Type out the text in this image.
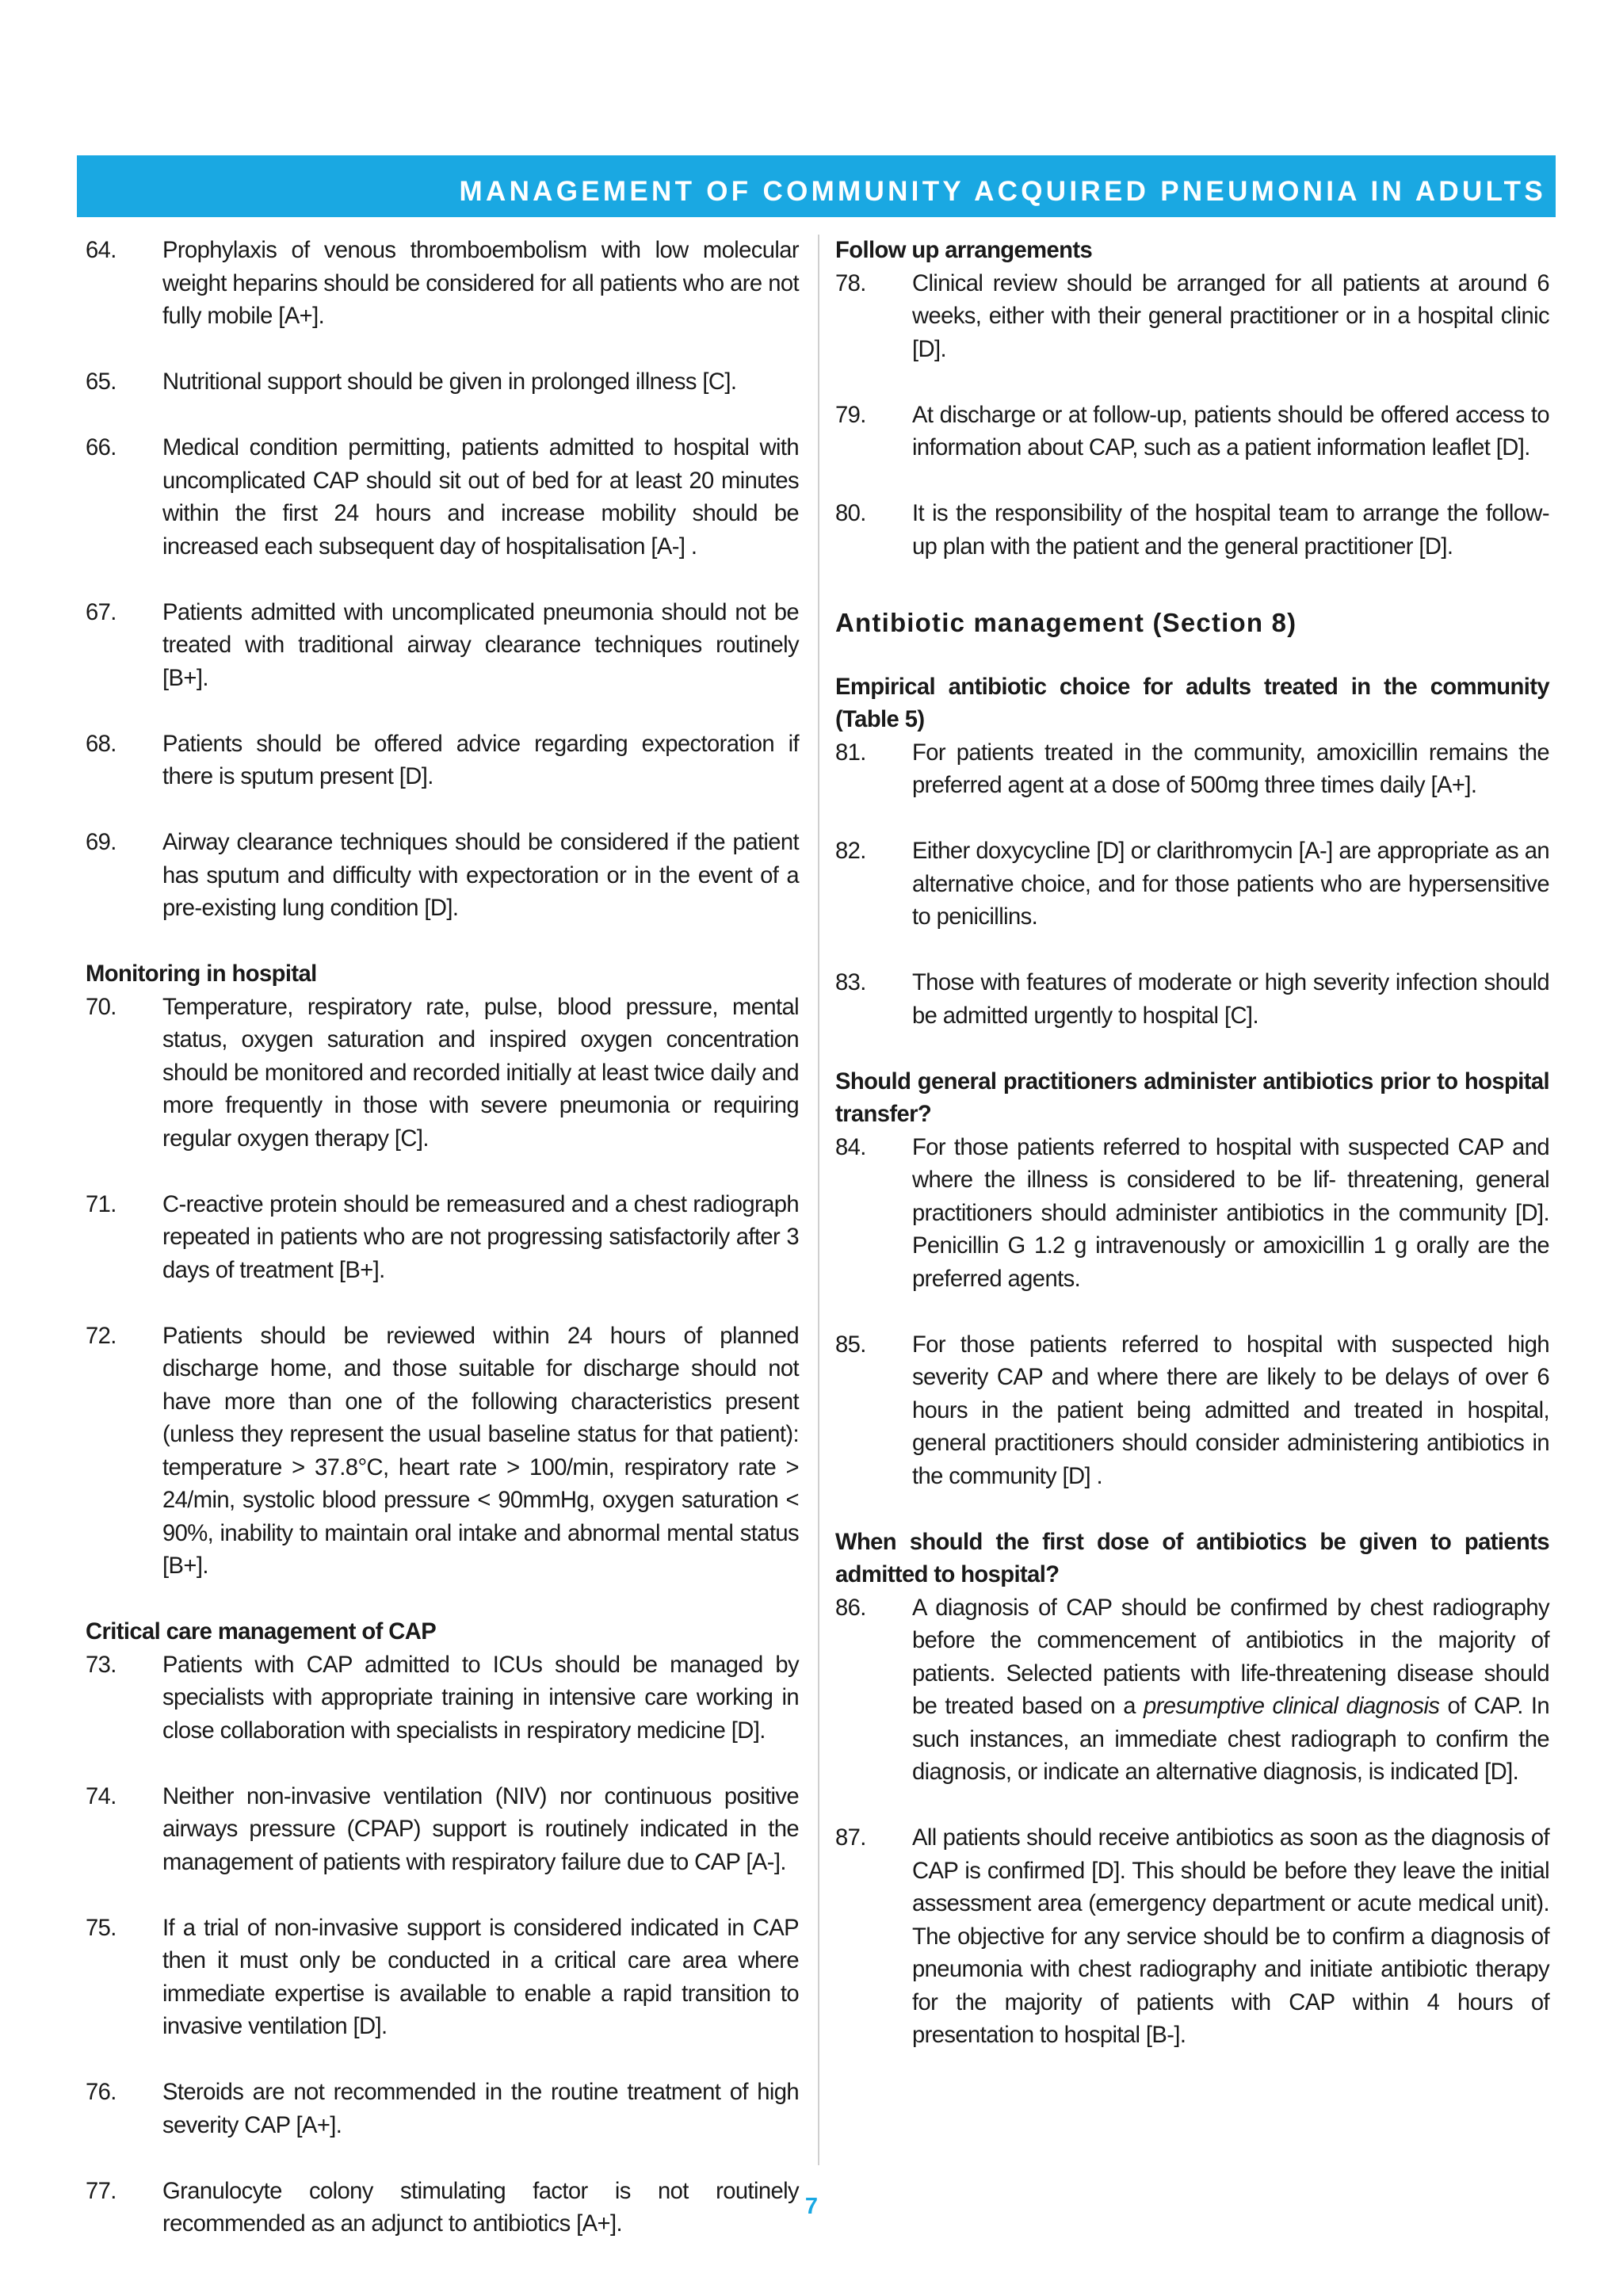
MANAGEMENT OF COMMUNITY ACQUIRED PNEUMONIA IN ADULTS
64.	Prophylaxis of venous thromboembolism with low molecular weight heparins should be considered for all patients who are not fully mobile [A+].
65.	Nutritional support should be given in prolonged illness [C].
66.	Medical condition permitting, patients admitted to hospital with uncomplicated CAP should sit out of bed for at least 20 minutes within the first 24 hours and increase mobility should be increased each subsequent day of hospitalisation [A-] .
67.	Patients admitted with uncomplicated pneumonia should not be treated with traditional airway clearance techniques routinely [B+].
68.	Patients should be offered advice regarding expectoration if there is sputum present [D].
69.	Airway clearance techniques should be considered if the patient has sputum and difficulty with expectoration or in the event of a pre-existing lung condition [D].
Monitoring in hospital
70.	Temperature, respiratory rate, pulse, blood pressure, mental status, oxygen saturation and inspired oxygen concentration should be monitored and recorded initially at least twice daily and more frequently in those with severe pneumonia or requiring regular oxygen therapy [C].
71.	C-reactive protein should be remeasured and a chest radiograph repeated in patients who are not progressing satisfactorily after 3 days of treatment [B+].
72.	Patients should be reviewed within 24 hours of planned discharge home, and those suitable for discharge should not have more than one of the following characteristics present (unless they represent the usual baseline status for that patient): temperature > 37.8°C, heart rate > 100/min, respiratory rate > 24/min, systolic blood pressure < 90mmHg, oxygen saturation < 90%, inability to maintain oral intake and abnormal mental status [B+].
Critical care management of CAP
73.	Patients with CAP admitted to ICUs should be managed by specialists with appropriate training in intensive care working in close collaboration with specialists in respiratory medicine [D].
74.	Neither non-invasive ventilation (NIV) nor continuous positive airways pressure (CPAP) support is routinely indicated in the management of patients with respiratory failure due to CAP [A-].
75.	If a trial of non-invasive support is considered indicated in CAP then it must only be conducted in a critical care area where immediate expertise is available to enable a rapid transition to invasive ventilation [D].
76.	Steroids are not recommended in the routine treatment of high severity CAP [A+].
77.	Granulocyte colony stimulating factor is not routinely recommended as an adjunct to antibiotics [A+].
Follow up arrangements
78.	Clinical review should be arranged for all patients at around 6 weeks, either with their general practitioner or in a hospital clinic [D].
79.	At discharge or at follow-up, patients should be offered access to information about CAP, such as a patient information leaflet [D].
80.	It is the responsibility of the hospital team to arrange the follow-up plan with the patient and the general practitioner [D].
Antibiotic management (Section 8)
Empirical antibiotic choice for adults treated in the community (Table 5)
81.	For patients treated in the community, amoxicillin remains the preferred agent at a dose of 500mg three times daily [A+].
82.	Either doxycycline [D] or clarithromycin [A-] are appropriate as an alternative choice, and for those patients who are hypersensitive to penicillins.
83.	Those with features of moderate or high severity infection should be admitted urgently to hospital [C].
Should general practitioners administer antibiotics prior to hospital transfer?
84.	For those patients referred to hospital with suspected CAP and where the illness is considered to be lif- threatening, general practitioners should administer antibiotics in the community [D]. Penicillin G 1.2 g intravenously or amoxicillin 1 g orally are the preferred agents.
85.	For those patients referred to hospital with suspected high severity CAP and where there are likely to be delays of over 6 hours in the patient being admitted and treated in hospital, general practitioners should consider administering antibiotics in the community [D] .
When should the first dose of antibiotics be given to patients admitted to hospital?
86.	A diagnosis of CAP should be confirmed by chest radiography before the commencement of antibiotics in the majority of patients. Selected patients with life-threatening disease should be treated based on a presumptive clinical diagnosis of CAP. In such instances, an immediate chest radiograph to confirm the diagnosis, or indicate an alternative diagnosis, is indicated [D].
87.	All patients should receive antibiotics as soon as the diagnosis of CAP is confirmed [D]. This should be before they leave the initial assessment area (emergency department or acute medical unit). The objective for any service should be to confirm a diagnosis of pneumonia with chest radiography and initiate antibiotic therapy for the majority of patients with CAP within 4 hours of presentation to hospital [B-].
7
